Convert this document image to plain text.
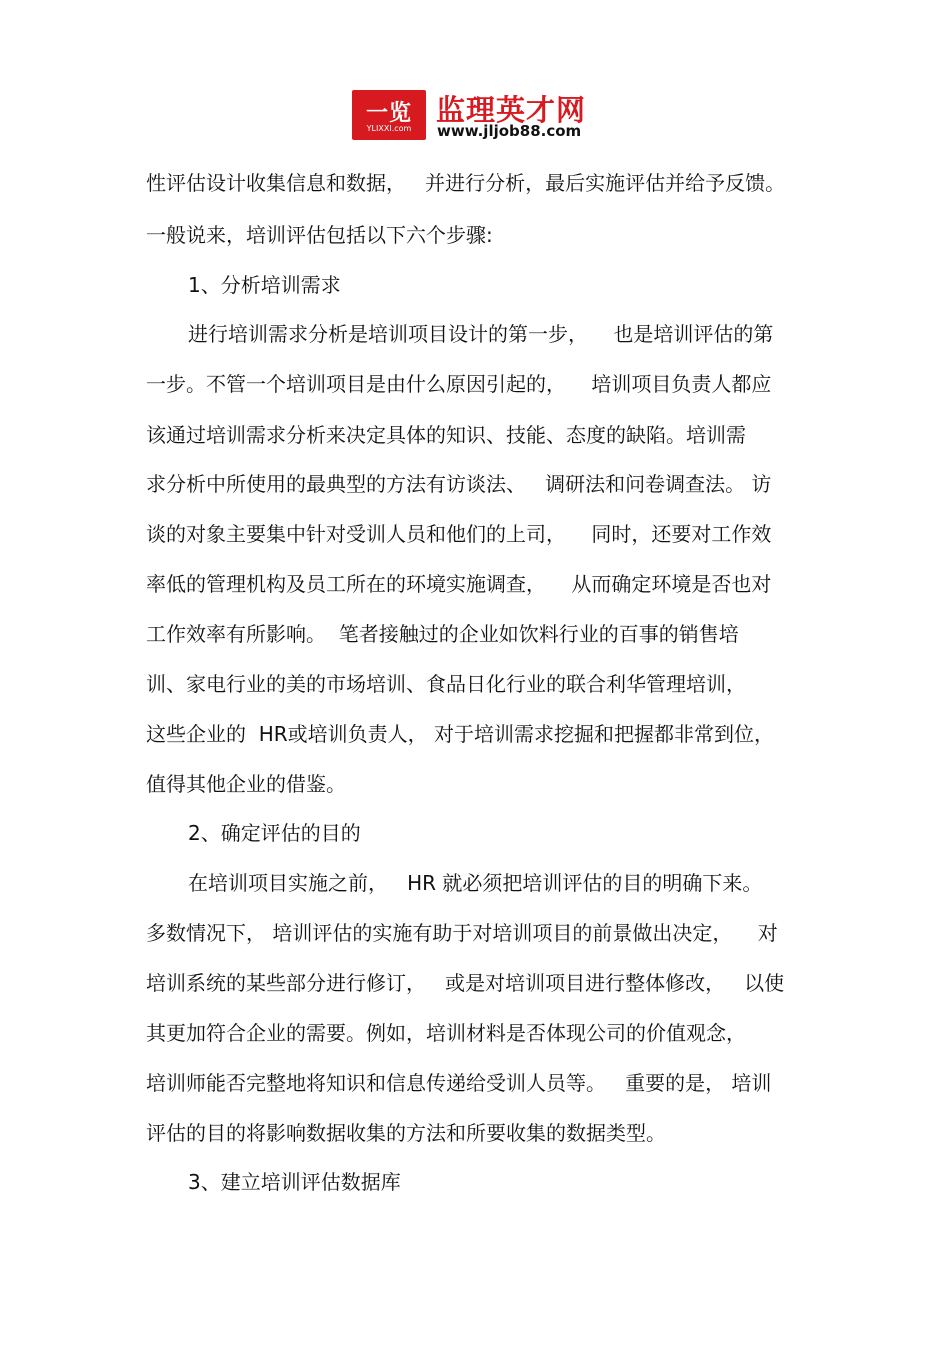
一览
YLIXXI.com
监理英才网
www.jljob88.com
性评估设计收集信息和数据，   并进行分析，最后实施评估并给予反馈。
一般说来，培训评估包括以下六个步骤:
1、分析培训需求
进行培训需求分析是培训项目设计的第一步，    也是培训评估的第
一步。不管一个培训项目是由什么原因引起的，    培训项目负责人都应
该通过培训需求分析来决定具体的知识、技能、态度的缺陷。培训需
求分析中所使用的最典型的方法有访谈法、   调研法和问卷调查法。 访
谈的对象主要集中针对受训人员和他们的上司，    同时，还要对工作效
率低的管理机构及员工所在的环境实施调查，    从而确定环境是否也对
工作效率有所影响。  笔者接触过的企业如饮料行业的百事的销售培
训、家电行业的美的市场培训、食品日化行业的联合利华管理培训，
这些企业的  HR或培训负责人， 对于培训需求挖掘和把握都非常到位，
值得其他企业的借鉴。
2、确定评估的目的
在培训项目实施之前，   HR 就必须把培训评估的目的明确下来。
多数情况下， 培训评估的实施有助于对培训项目的前景做出决定，    对
培训系统的某些部分进行修订，   或是对培训项目进行整体修改，   以使
其更加符合企业的需要。例如，培训材料是否体现公司的价值观念，
培训师能否完整地将知识和信息传递给受训人员等。   重要的是， 培训
评估的目的将影响数据收集的方法和所要收集的数据类型。
3、建立培训评估数据库
